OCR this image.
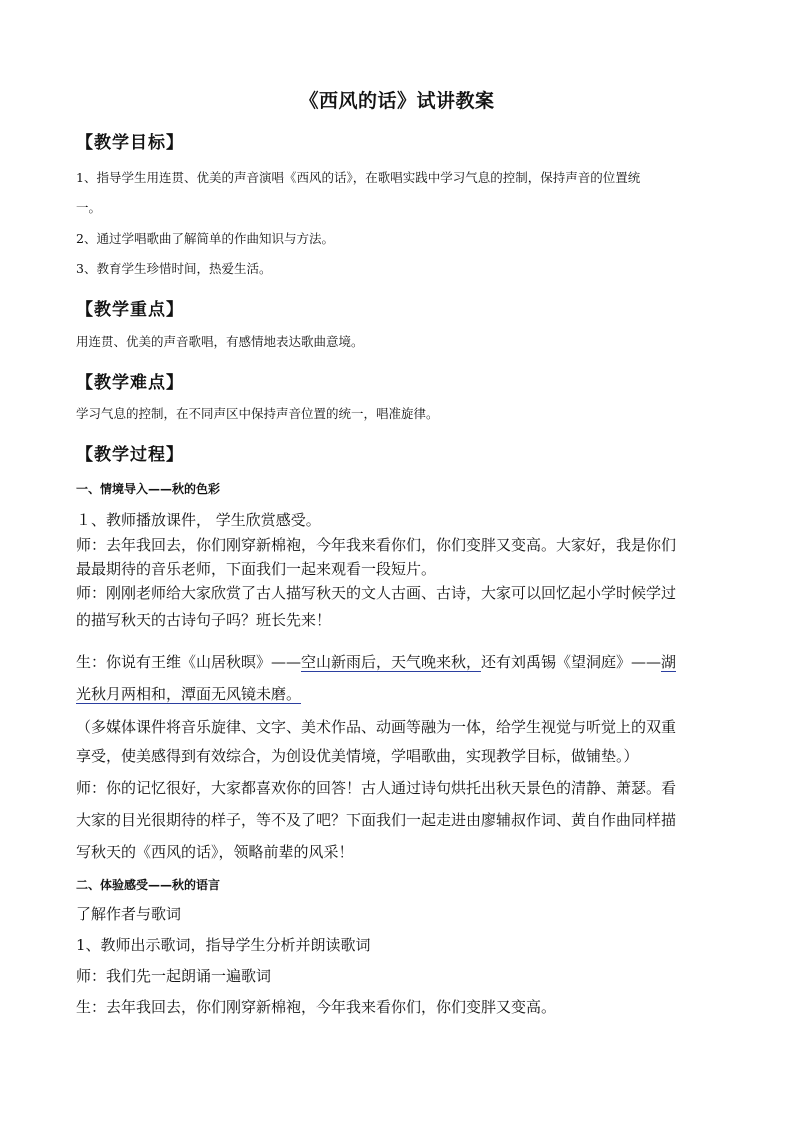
《西风的话》试讲教案
【教学目标】
1、指导学生用连贯、优美的声音演唱《西风的话》，在歌唱实践中学习气息的控制，保持声音的位置统
一。
2、通过学唱歌曲了解简单的作曲知识与方法。
3、教育学生珍惜时间，热爱生活。
【教学重点】
用连贯、优美的声音歌唱，有感情地表达歌曲意境。
【教学难点】
学习气息的控制，在不同声区中保持声音位置的统一，唱准旋律。
【教学过程】
一、情境导入——秋的色彩
１、教师播放课件， 学生欣赏感受。
师：去年我回去，你们刚穿新棉袍，今年我来看你们，你们变胖又变高。大家好，我是你们
最最期待的音乐老师，下面我们一起来观看一段短片。
师：刚刚老师给大家欣赏了古人描写秋天的文人古画、古诗，大家可以回忆起小学时候学过
的描写秋天的古诗句子吗？班长先来！
生：你说有王维《山居秋暝》——空山新雨后，天气晚来秋，还有刘禹锡《望洞庭》——湖
光秋月两相和，潭面无风镜未磨。
（多媒体课件将音乐旋律、文字、美术作品、动画等融为一体，给学生视觉与听觉上的双重
享受，使美感得到有效综合，为创设优美情境，学唱歌曲，实现教学目标，做铺垫。）
师：你的记忆很好，大家都喜欢你的回答！古人通过诗句烘托出秋天景色的清静、萧瑟。看
大家的目光很期待的样子，等不及了吧？下面我们一起走进由廖辅叔作词、黄自作曲同样描
写秋天的《西风的话》，领略前辈的风采！
二、体验感受——秋的语言
了解作者与歌词
1、教师出示歌词，指导学生分析并朗读歌词
师：我们先一起朗诵一遍歌词
生：去年我回去，你们刚穿新棉袍，今年我来看你们，你们变胖又变高。
